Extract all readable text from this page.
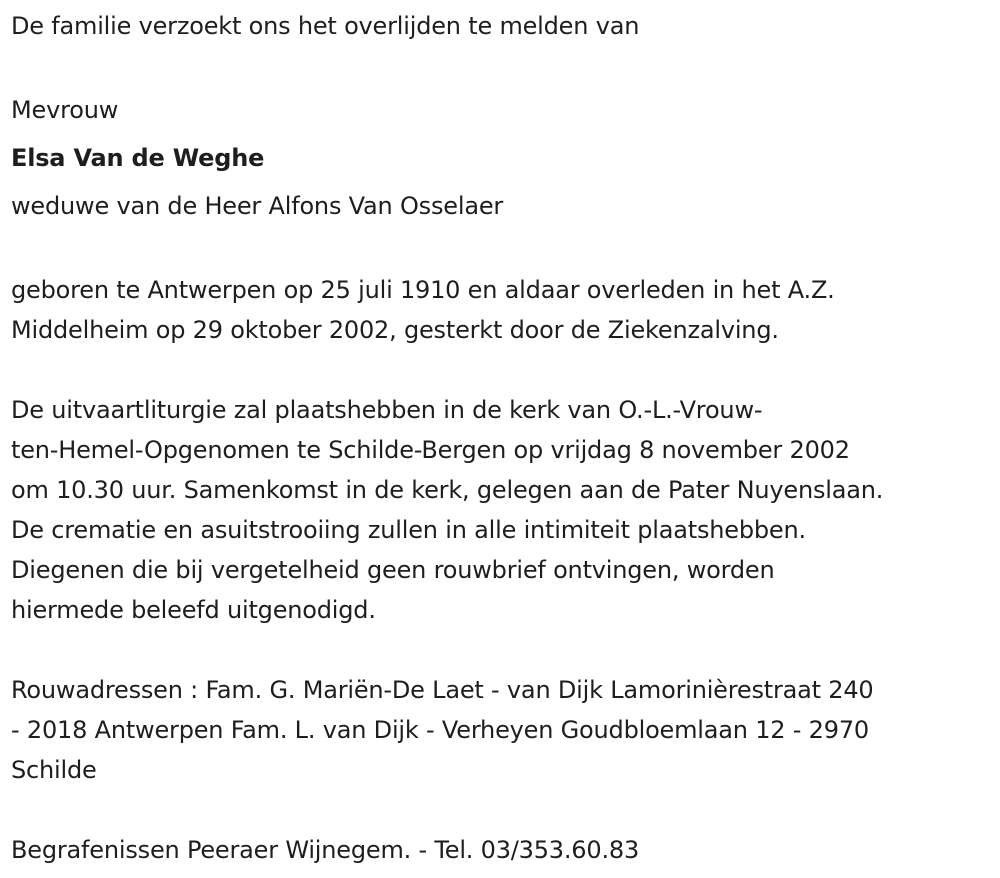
De familie verzoekt ons het overlijden te melden van
Mevrouw
Elsa Van de Weghe
weduwe van de Heer Alfons Van Osselaer
geboren te Antwerpen op 25 juli 1910 en aldaar overleden in het A.Z.
Middelheim op 29 oktober 2002, gesterkt door de Ziekenzalving.
De uitvaartliturgie zal plaatshebben in de kerk van O.-L.-Vrouw-
ten-Hemel-Opgenomen te Schilde-Bergen op vrijdag 8 november 2002
om 10.30 uur. Samenkomst in de kerk, gelegen aan de Pater Nuyenslaan.
De crematie en asuitstrooiing zullen in alle intimiteit plaatshebben.
Diegenen die bij vergetelheid geen rouwbrief ontvingen, worden
hiermede beleefd uitgenodigd.
Rouwadressen : Fam. G. Mariën-De Laet - van Dijk Lamorinièrestraat 240
- 2018 Antwerpen Fam. L. van Dijk - Verheyen Goudbloemlaan 12 - 2970
Schilde
Begrafenissen Peeraer Wijnegem. - Tel. 03/353.60.83
